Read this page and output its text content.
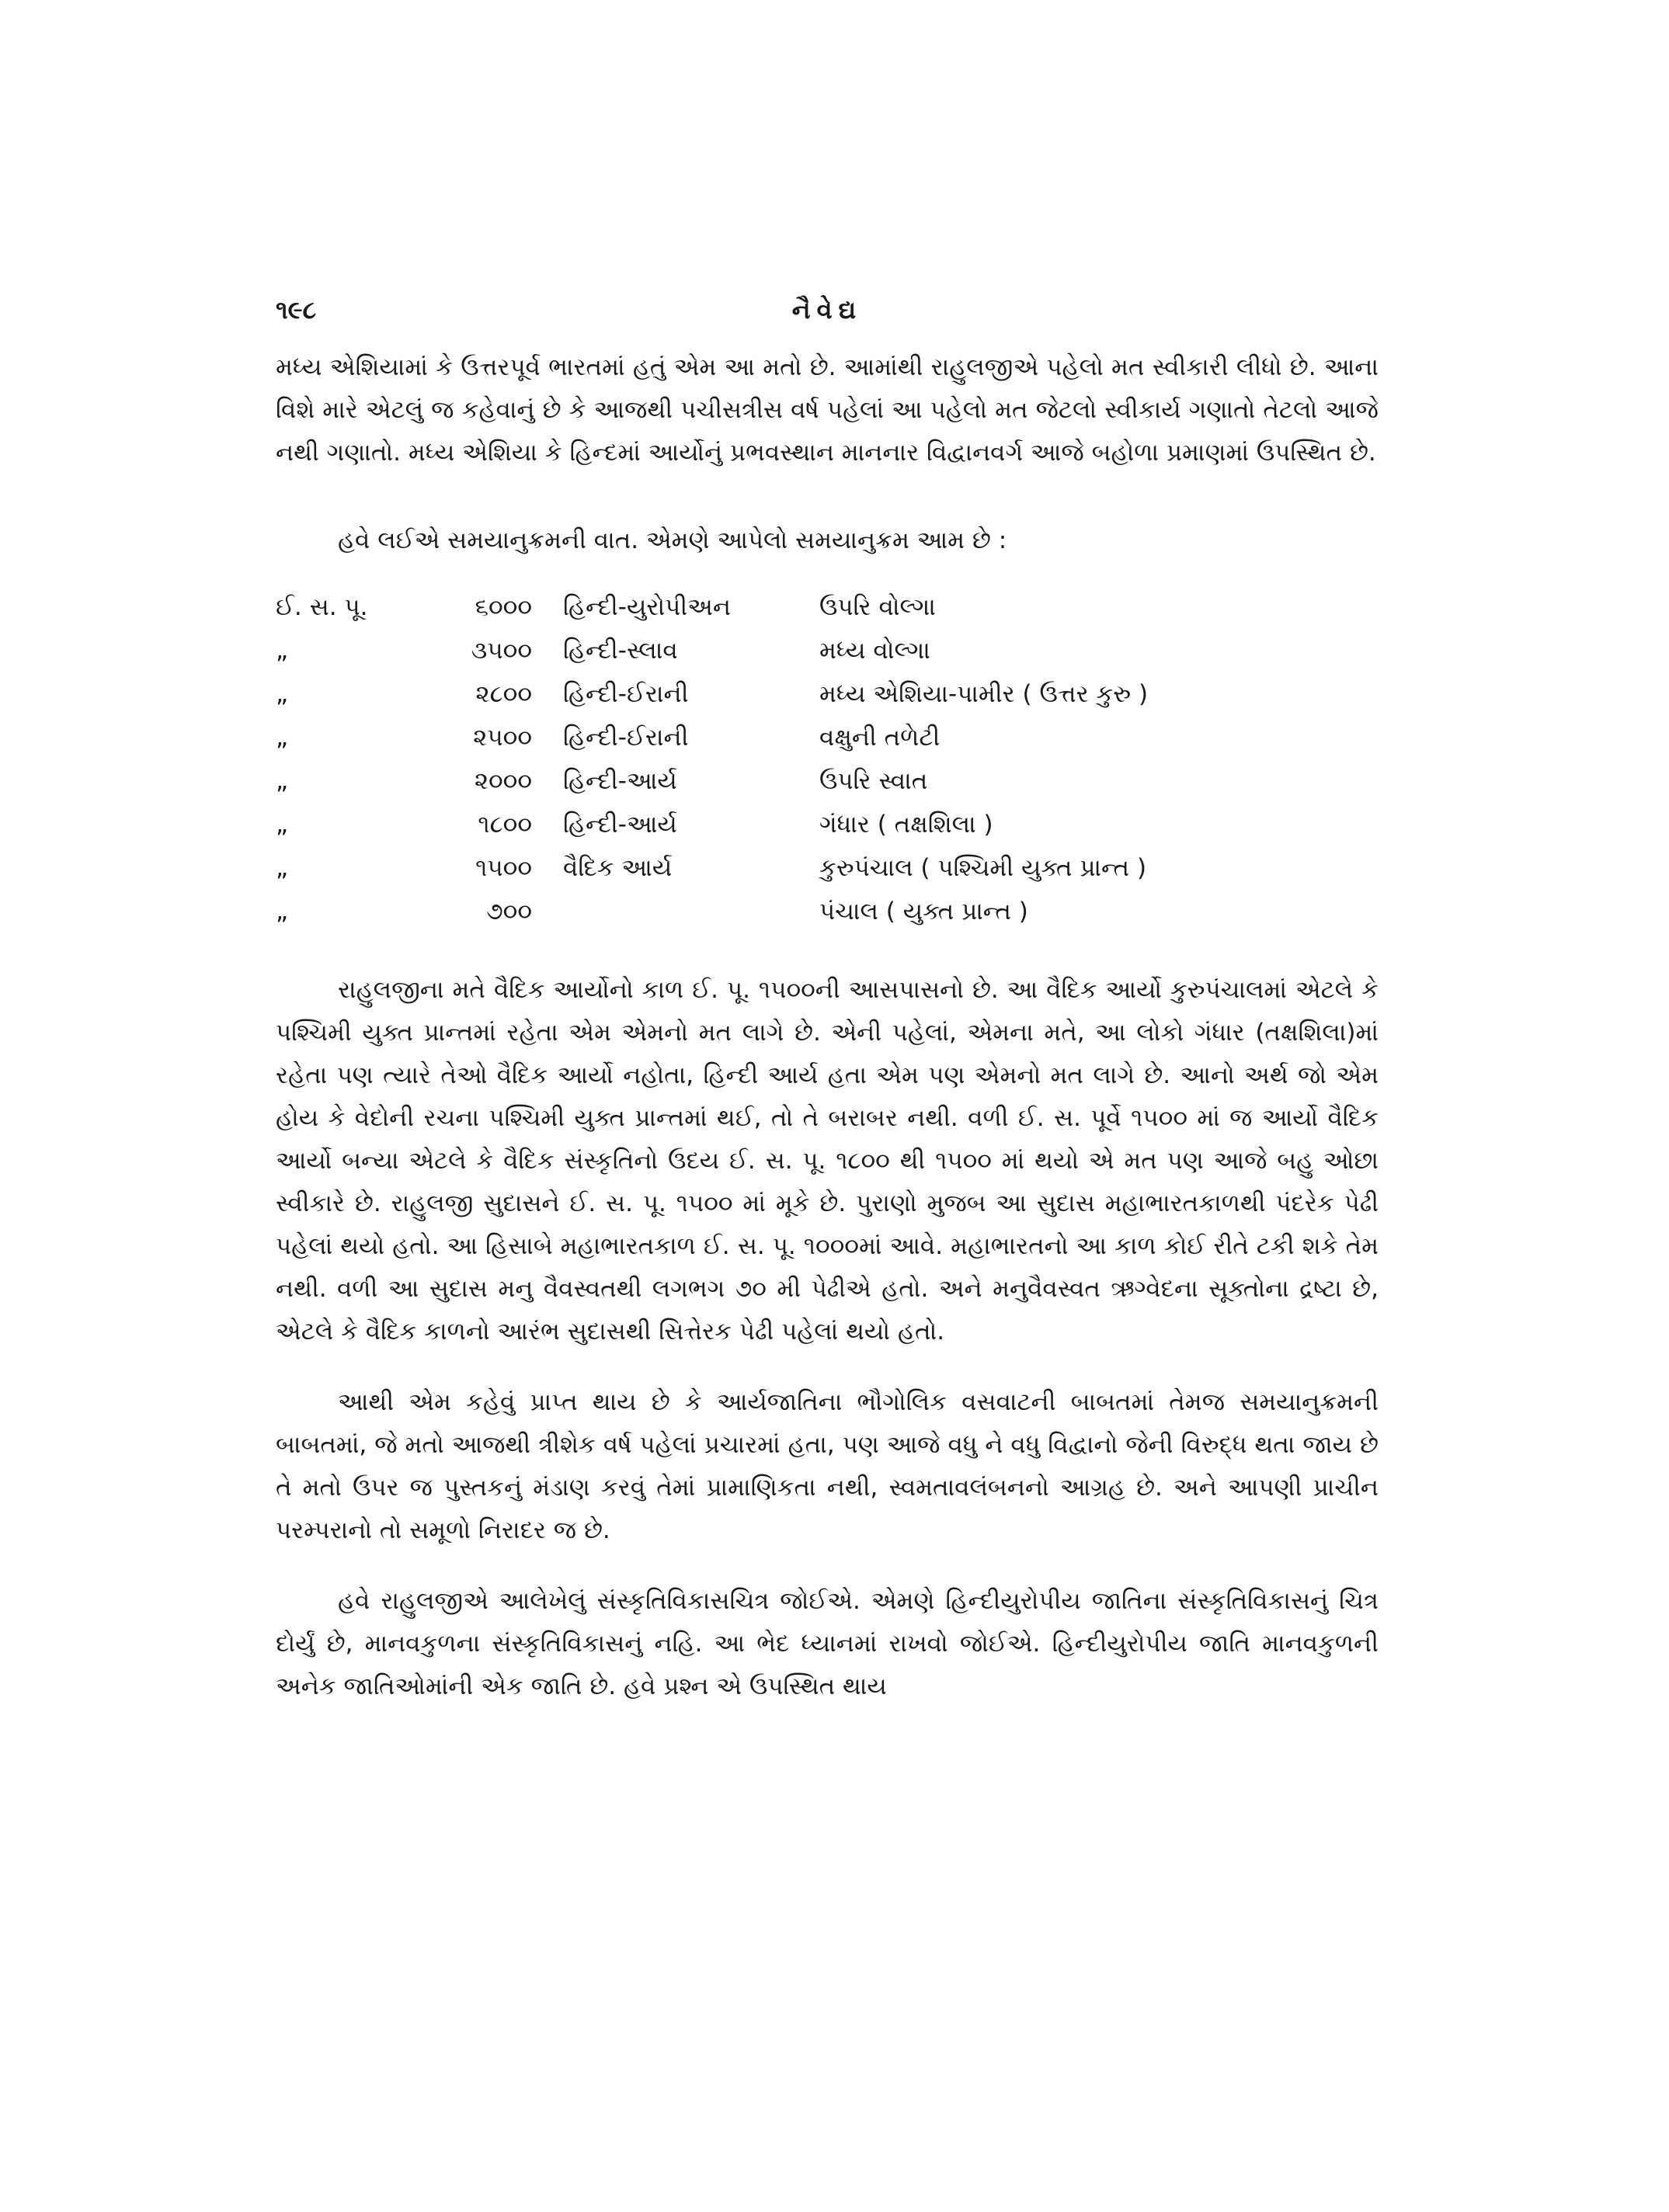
૧૯૮	નૈવેદ્ય

મધ્ય એશિયામાં કે ઉત્તરપૂર્વ ભારતમાં હતું એમ આ મતો છે. આમાંથી રાહુલજીએ પહેલો મત સ્વીકારી લીધો છે. આના વિશે મારે એટલું જ કહેવાનું છે કે આજથી પચીસત્રીસ વર્ષ પહેલાં આ પહેલો મત જેટલો સ્વીકાર્ય ગણાતો તેટલો આજે નથી ગણાતો. મધ્ય એશિયા કે હિન્દમાં આર્યોનું પ્રભવસ્થાન માનનાર વિદ્વાનવર્ગ આજે બહોળા પ્રમાણમાં ઉપસ્થિત છે.

હવે લઈએ સમયાનુક્રમની વાત. એમણે આપેલો સમયાનુક્રમ આમ છે :

ઈ. સ. પૂ.	૬૦૦૦ હિન્દી-યુરોપીઅન	ઉપરિ વોલ્ગા
„	૩૫૦૦ હિન્દી-સ્લાવ	મધ્ય વોલ્ગા
„	૨૮૦૦ હિન્દી-ઈરાની	મધ્ય એશિયા-પામીર ( ઉત્તર કુરુ )
„	૨૫૦૦ હિન્દી-ઈરાની	વક્ષુની તળેટી
„	૨૦૦૦ હિન્દી-આર્ય	ઉપરિ સ્વાત
„	૧૮૦૦ હિન્દી-આર્ય	ગંધાર ( તક્ષશિલા )
„	૧૫૦૦ વૈદિક આર્ય	કુરુપંચાલ ( પશ્ચિમી યુક્ત પ્રાન્ત )
„	૭૦૦	પંચાલ ( યુક્ત પ્રાન્ત )

રાહુલજીના મતે વૈદિક આર્યોનો કાળ ઈ. પૂ. ૧૫૦૦ની આસપાસનો છે. આ વૈદિક આર્યો કુરુપંચાલમાં એટલે કે પશ્ચિમી યુક્ત પ્રાન્તમાં રહેતા એમ એમનો મત લાગે છે. એની પહેલાં, એમના મતે, આ લોકો ગંધાર (તક્ષશિલા)માં રહેતા પણ ત્યારે તેઓ વૈદિક આર્યો નહોતા, હિન્દી આર્ય હતા એમ પણ એમનો મત લાગે છે. આનો અર્થ જો એમ હોય કે વેદોની રચના પશ્ચિમી યુક્ત પ્રાન્તમાં થઈ, તો તે બરાબર નથી. વળી ઈ. સ. પૂર્વે ૧૫૦૦ માં જ આર્યો વૈદિક આર્યો બન્યા એટલે કે વૈદિક સંસ્કૃતિનો ઉદય ઈ. સ. પૂ. ૧૮૦૦ થી ૧૫૦૦ માં થયો એ મત પણ આજે બહુ ઓછા સ્વીકારે છે. રાહુલજી સુદાસને ઈ. સ. પૂ. ૧૫૦૦ માં મૂકે છે. પુરાણો મુજબ આ સુદાસ મહાભારતકાળથી પંદરેક પેઢી પહેલાં થયો હતો. આ હિસાબે મહાભારતકાળ ઈ. સ. પૂ. ૧૦૦૦માં આવે. મહાભારતનો આ કાળ કોઈ રીતે ટકી શકે તેમ નથી. વળી આ સુદાસ મનુ વૈવસ્વતથી લગભગ ૭૦ મી પેઢીએ હતો. અને મનુવૈવસ્વત ઋગ્વેદના સૂક્તોના દ્રષ્ટા છે, એટલે કે વૈદિક કાળનો આરંભ સુદાસથી સિત્તેરક પેઢી પહેલાં થયો હતો.

આથી એમ કહેવું પ્રાપ્ત થાય છે કે આર્યજાતિના ભૌગોલિક વસવાટની બાબતમાં તેમજ સમયાનુક્રમની બાબતમાં, જે મતો આજથી ત્રીશેક વર્ષ પહેલાં પ્રચારમાં હતા, પણ આજે વધુ ને વધુ વિદ્વાનો જેની વિરુદ્ધ થતા જાય છે તે મતો ઉપર જ પુસ્તકનું મંડાણ કરવું તેમાં પ્રામાણિકતા નથી, સ્વમતાવલંબનનો આગ્રહ છે. અને આપણી પ્રાચીન પરમ્પરાનો તો સમૂળો નિરાદર જ છે.

હવે રાહુલજીએ આલેખેલું સંસ્કૃતિવિકાસચિત્ર જોઈએ. એમણે હિન્દીયુરોપીય જાતિના સંસ્કૃતિવિકાસનું ચિત્ર દોર્યું છે, માનવકુળના સંસ્કૃતિવિકાસનું નહિ. આ ભેદ ધ્યાનમાં રાખવો જોઈએ. હિન્દીયુરોપીય જાતિ માનવકુળની અનેક જાતિઓમાંની એક જાતિ છે. હવે પ્રશ્ન એ ઉપસ્થિત થાય
